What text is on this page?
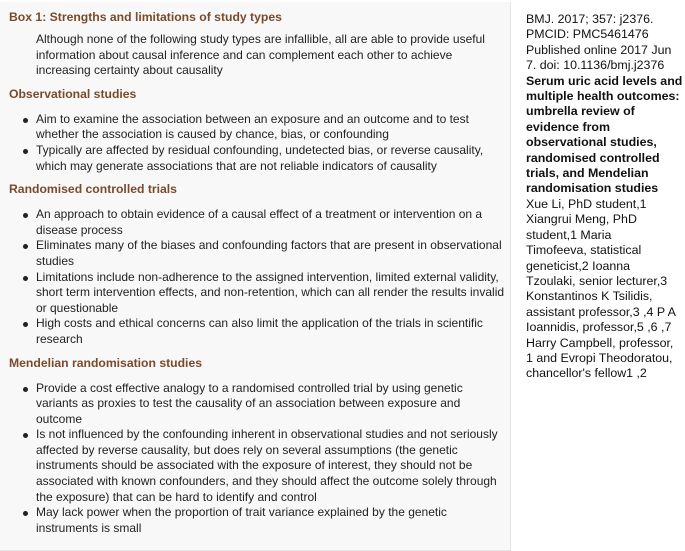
Box 1: Strengths and limitations of study types
Although none of the following study types are infallible, all are able to provide useful information about causal inference and can complement each other to achieve increasing certainty about causality
Observational studies
Aim to examine the association between an exposure and an outcome and to test whether the association is caused by chance, bias, or confounding
Typically are affected by residual confounding, undetected bias, or reverse causality, which may generate associations that are not reliable indicators of causality
Randomised controlled trials
An approach to obtain evidence of a causal effect of a treatment or intervention on a disease process
Eliminates many of the biases and confounding factors that are present in observational studies
Limitations include non-adherence to the assigned intervention, limited external validity, short term intervention effects, and non-retention, which can all render the results invalid or questionable
High costs and ethical concerns can also limit the application of the trials in scientific research
Mendelian randomisation studies
Provide a cost effective analogy to a randomised controlled trial by using genetic variants as proxies to test the causality of an association between exposure and outcome
Is not influenced by the confounding inherent in observational studies and not seriously affected by reverse causality, but does rely on several assumptions (the genetic instruments should be associated with the exposure of interest, they should not be associated with known confounders, and they should affect the outcome solely through the exposure) that can be hard to identify and control
May lack power when the proportion of trait variance explained by the genetic instruments is small
BMJ. 2017; 357: j2376.
PMCID: PMC5461476
Published online 2017 Jun
7. doi: 10.1136/bmj.j2376
Serum uric acid levels and
multiple health outcomes:
umbrella review of
evidence from
observational studies,
randomised controlled
trials, and Mendelian
randomisation studies
Xue Li, PhD student,1
Xiangrui Meng, PhD
student,1 Maria
Timofeeva, statistical
geneticist,2 Ioanna
Tzoulaki, senior lecturer,3
Konstantinos K Tsilidis,
assistant professor,3 ,4 P A
Ioannidis, professor,5 ,6 ,7
Harry Campbell, professor,
1 and Evropi Theodoratou,
chancellor's fellow1 ,2
